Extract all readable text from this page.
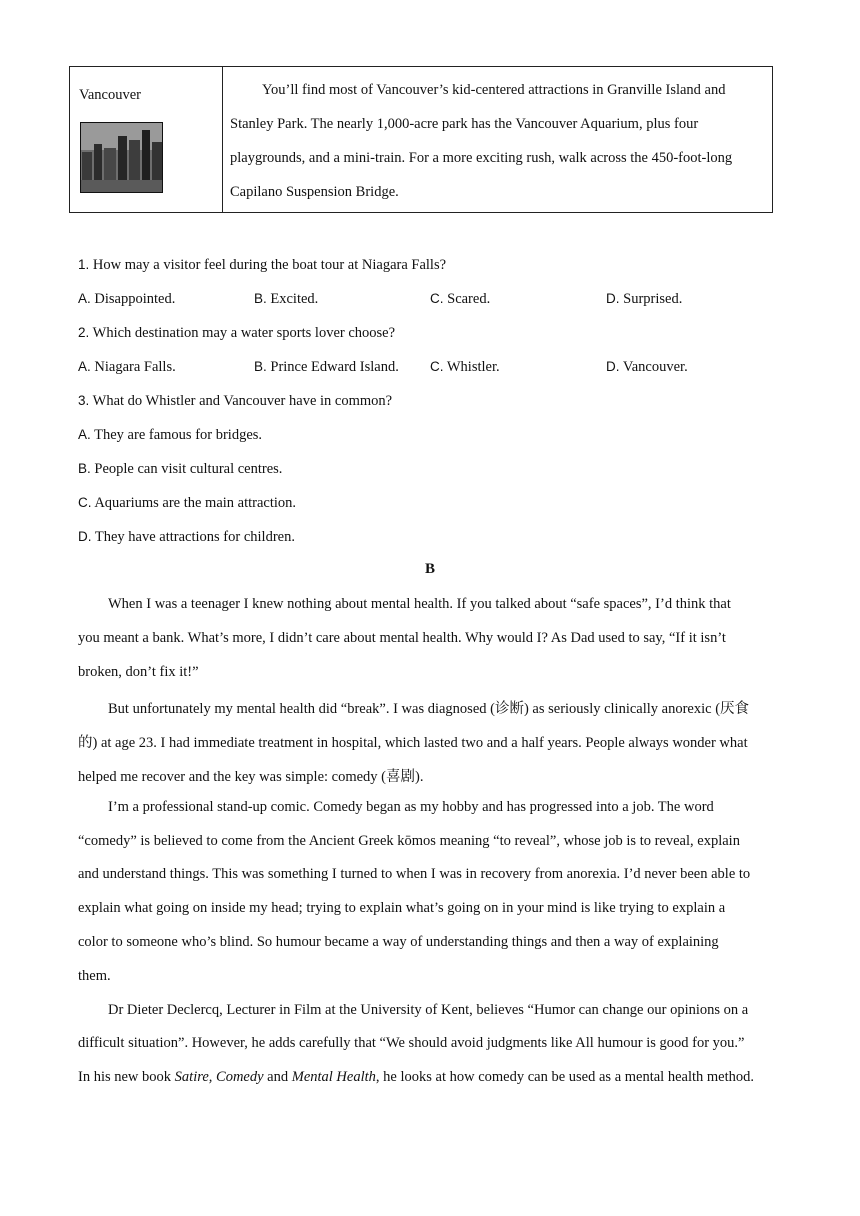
Vancouver	You’ll find most of Vancouver’s kid-centered attractions in Granville Island and
Stanley Park. The nearly 1,000-acre park has the Vancouver Aquarium, plus four
playgrounds, and a mini-train. For a more exciting rush, walk across the 450-foot-long
Capilano Suspension Bridge.
1. How may a visitor feel during the boat tour at Niagara Falls?
A. Disappointed.	B. Excited.	C. Scared.	D. Surprised.
2. Which destination may a water sports lover choose?
A. Niagara Falls.	B. Prince Edward Island. C. Whistler.	D. Vancouver.
3. What do Whistler and Vancouver have in common?
A. They are famous for bridges.
B. People can visit cultural centres.
C. Aquariums are the main attraction.
D. They have attractions for children.
B
When I was a teenager I knew nothing about mental health. If you talked about “safe spaces”, I’d think that
you meant a bank. What’s more, I didn’t care about mental health. Why would I? As Dad used to say, “If it isn’t
broken, don’t fix it!”
But unfortunately my mental health did “break”. I was diagnosed (诊断) as seriously clinically anorexic (厌食
的) at age 23. I had immediate treatment in hospital, which lasted two and a half years. People always wonder what
helped me recover and the key was simple: comedy (喜剧).
I’m a professional stand-up comic. Comedy began as my hobby and has progressed into a job. The word
“comedy” is believed to come from the Ancient Greek kōmos meaning “to reveal”, whose job is to reveal, explain
and understand things. This was something I turned to when I was in recovery from anorexia. I’d never been able to
explain what going on inside my head; trying to explain what’s going on in your mind is like trying to explain a
color to someone who’s blind. So humour became a way of understanding things and then a way of explaining
them.
Dr Dieter Declercq, Lecturer in Film at the University of Kent, believes “Humor can change our opinions on a
difficult situation”. However, he adds carefully that “We should avoid judgments like All humour is good for you.”
In his new book Satire, Comedy and Mental Health, he looks at how comedy can be used as a mental health method.
